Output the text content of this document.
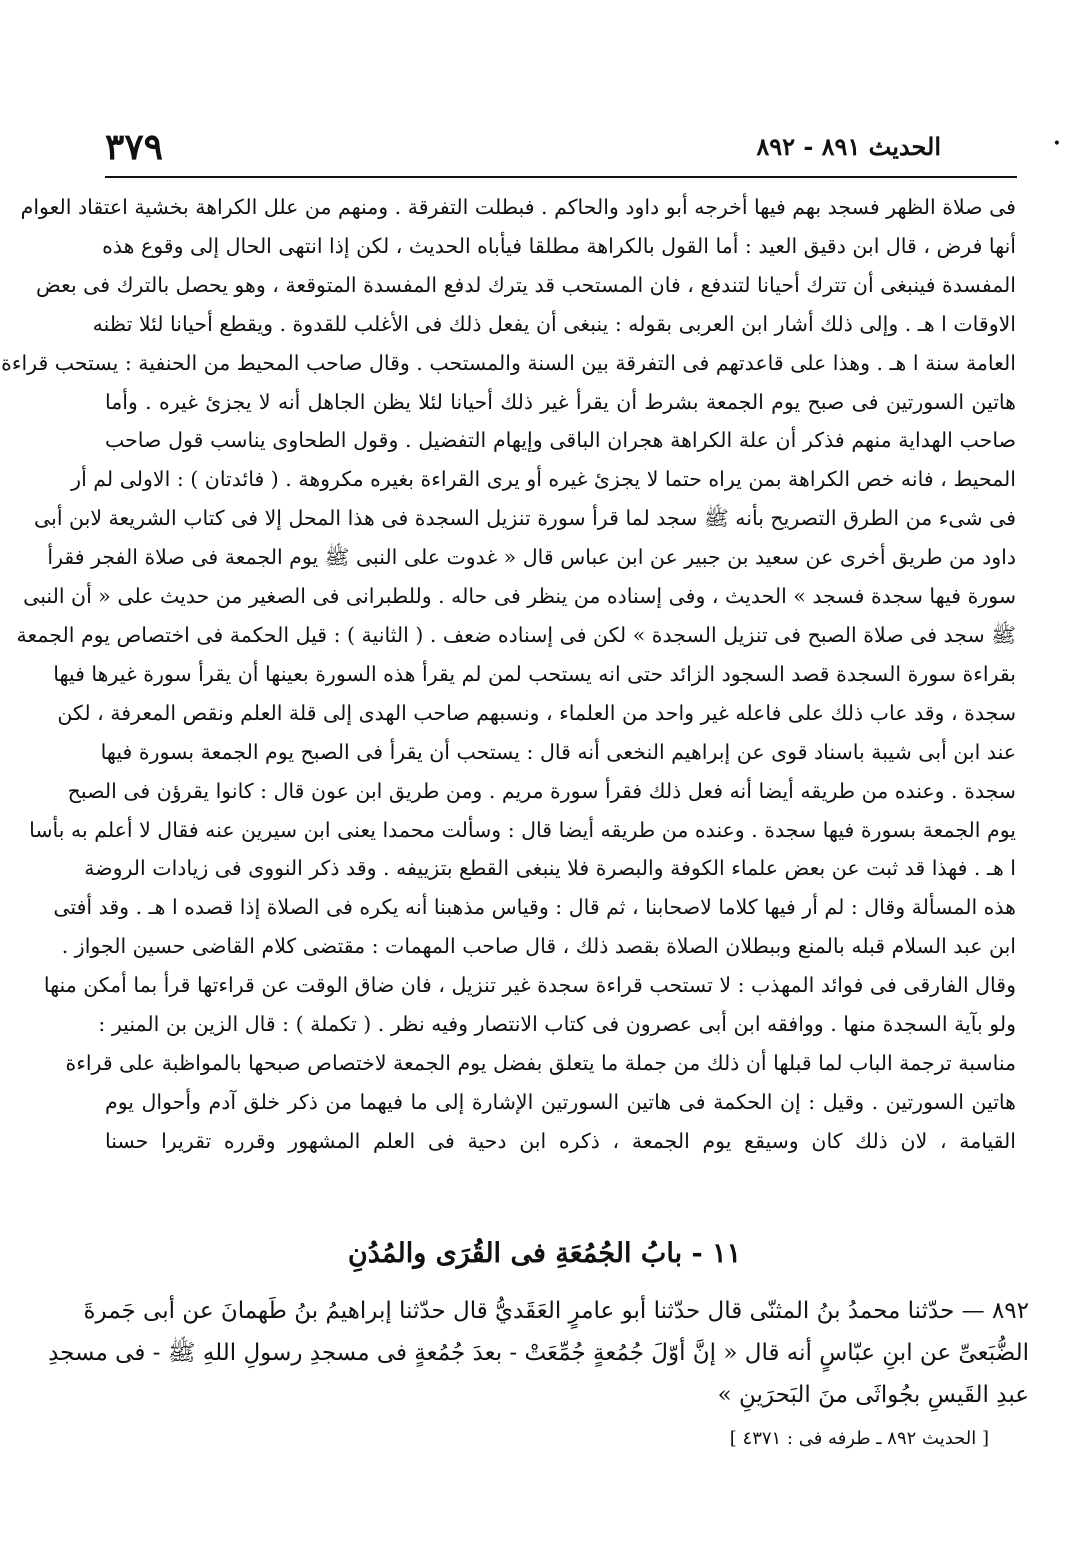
•
الحديث ٨٩١ - ٨٩٢
٣٧٩
فى صلاة الظهر فسجد بهم فيها أخرجه أبو داود والحاكم . فبطلت التفرقة . ومنهم من علل الكراهة بخشية اعتقاد العوام
أنها فرض ، قال ابن دقيق العيد : أما القول بالكراهة مطلقا فيأباه الحديث ، لكن إذا انتهى الحال إلى وقوع هذه
المفسدة فينبغى أن تترك أحيانا لتندفع ، فان المستحب قد يترك لدفع المفسدة المتوقعة ، وهو يحصل بالترك فى بعض
الاوقات ا هـ . وإلى ذلك أشار ابن العربى بقوله : ينبغى أن يفعل ذلك فى الأغلب للقدوة . ويقطع أحيانا لئلا تظنه
العامة سنة ا هـ . وهذا على قاعدتهم فى التفرقة بين السنة والمستحب . وقال صاحب المحيط من الحنفية : يستحب قراءة
هاتين السورتين فى صبح يوم الجمعة بشرط أن يقرأ غير ذلك أحيانا لئلا يظن الجاهل أنه لا يجزئ غيره . وأما
صاحب الهداية منهم فذكر أن علة الكراهة هجران الباقى وإيهام التفضيل . وقول الطحاوى يناسب قول صاحب
المحيط ، فانه خص الكراهة بمن يراه حتما لا يجزئ غيره أو يرى القراءة بغيره مكروهة . ( فائدتان ) : الاولى لم أر
فى شىء من الطرق التصريح بأنه ﷺ سجد لما قرأ سورة تنزيل السجدة فى هذا المحل إلا فى كتاب الشريعة لابن أبى
داود من طريق أخرى عن سعيد بن جبير عن ابن عباس قال « غدوت على النبى ﷺ يوم الجمعة فى صلاة الفجر فقرأ
سورة فيها سجدة فسجد » الحديث ، وفى إسناده من ينظر فى حاله . وللطبرانى فى الصغير من حديث على « أن النبى
ﷺ سجد فى صلاة الصبح فى تنزيل السجدة » لكن فى إسناده ضعف . ( الثانية ) : قيل الحكمة فى اختصاص يوم الجمعة
بقراءة سورة السجدة قصد السجود الزائد حتى انه يستحب لمن لم يقرأ هذه السورة بعينها أن يقرأ سورة غيرها فيها
سجدة ، وقد عاب ذلك على فاعله غير واحد من العلماء ، ونسبهم صاحب الهدى إلى قلة العلم ونقص المعرفة ، لكن
عند ابن أبى شيبة باسناد قوى عن إبراهيم النخعى أنه قال : يستحب أن يقرأ فى الصبح يوم الجمعة بسورة فيها
سجدة . وعنده من طريقه أيضا أنه فعل ذلك فقرأ سورة مريم . ومن طريق ابن عون قال : كانوا يقرؤن فى الصبح
يوم الجمعة بسورة فيها سجدة . وعنده من طريقه أيضا قال : وسألت محمدا يعنى ابن سيرين عنه فقال لا أعلم به بأسا
ا هـ . فهذا قد ثبت عن بعض علماء الكوفة والبصرة فلا ينبغى القطع بتزييفه . وقد ذكر النووى فى زيادات الروضة
هذه المسألة وقال : لم أر فيها كلاما لاصحابنا ، ثم قال : وقياس مذهبنا أنه يكره فى الصلاة إذا قصده ا هـ . وقد أفتى
ابن عبد السلام قبله بالمنع وببطلان الصلاة بقصد ذلك ، قال صاحب المهمات : مقتضى كلام القاضى حسين الجواز .
وقال الفارقى فى فوائد المهذب : لا تستحب قراءة سجدة غير تنزيل ، فان ضاق الوقت عن قراءتها قرأ بما أمكن منها
ولو بآية السجدة منها . ووافقه ابن أبى عصرون فى كتاب الانتصار وفيه نظر . ( تكملة ) : قال الزين بن المنير :
مناسبة ترجمة الباب لما قبلها أن ذلك من جملة ما يتعلق بفضل يوم الجمعة لاختصاص صبحها بالمواظبة على قراءة
هاتين السورتين . وقيل : إن الحكمة فى هاتين السورتين الإشارة إلى ما فيهما من ذكر خلق آدم وأحوال يوم
القيامة ، لان ذلك كان وسيقع يوم الجمعة ، ذكره ابن دحية فى العلم المشهور وقرره تقريرا حسنا
١١ - بابُ الجُمُعَةِ فى القُرَى والمُدُنِ
٨٩٢ — حدّثنا محمدُ بنُ المثنّى قال حدّثنا أبو عامرٍ العَقَديُّ قال حدّثنا إبراهيمُ بنُ طَهمانَ عن أبى جَمرةَ
الضُّبَعىِّ عن ابنِ عبّاسٍ أنه قال « إنَّ أوّلَ جُمُعةٍ جُمِّعَتْ - بعدَ جُمُعةٍ فى مسجدِ رسولِ اللهِ ﷺ - فى مسجدِ
عبدِ القَيسِ بجُواثَى منَ البَحرَينِ »
[ الحديث ٨٩٢ ـ طرفه فى : ٤٣٧١ ]
